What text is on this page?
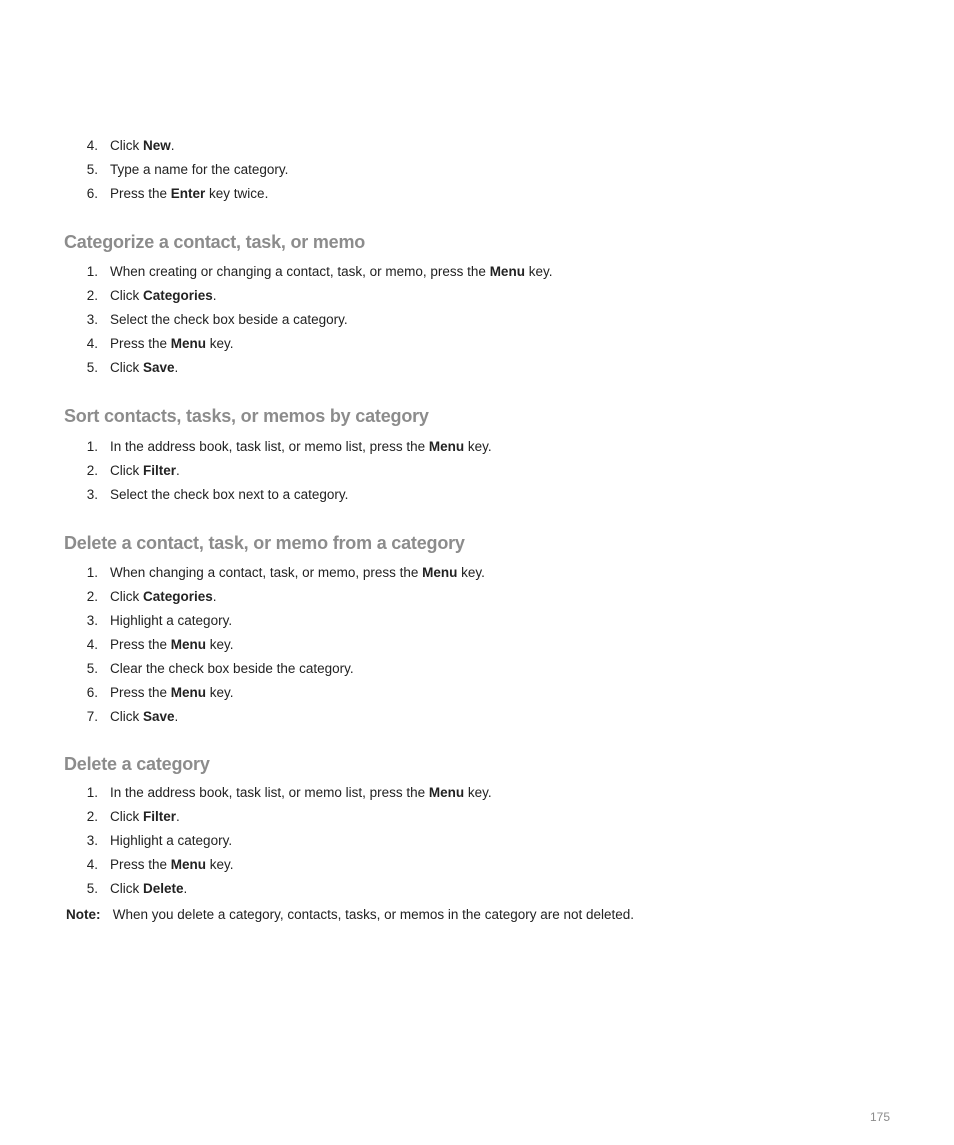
4. Click New.
5. Type a name for the category.
6. Press the Enter key twice.
Categorize a contact, task, or memo
1. When creating or changing a contact, task, or memo, press the Menu key.
2. Click Categories.
3. Select the check box beside a category.
4. Press the Menu key.
5. Click Save.
Sort contacts, tasks, or memos by category
1. In the address book, task list, or memo list, press the Menu key.
2. Click Filter.
3. Select the check box next to a category.
Delete a contact, task, or memo from a category
1. When changing a contact, task, or memo, press the Menu key.
2. Click Categories.
3. Highlight a category.
4. Press the Menu key.
5. Clear the check box beside the category.
6. Press the Menu key.
7. Click Save.
Delete a category
1. In the address book, task list, or memo list, press the Menu key.
2. Click Filter.
3. Highlight a category.
4. Press the Menu key.
5. Click Delete.
Note: When you delete a category, contacts, tasks, or memos in the category are not deleted.
175
